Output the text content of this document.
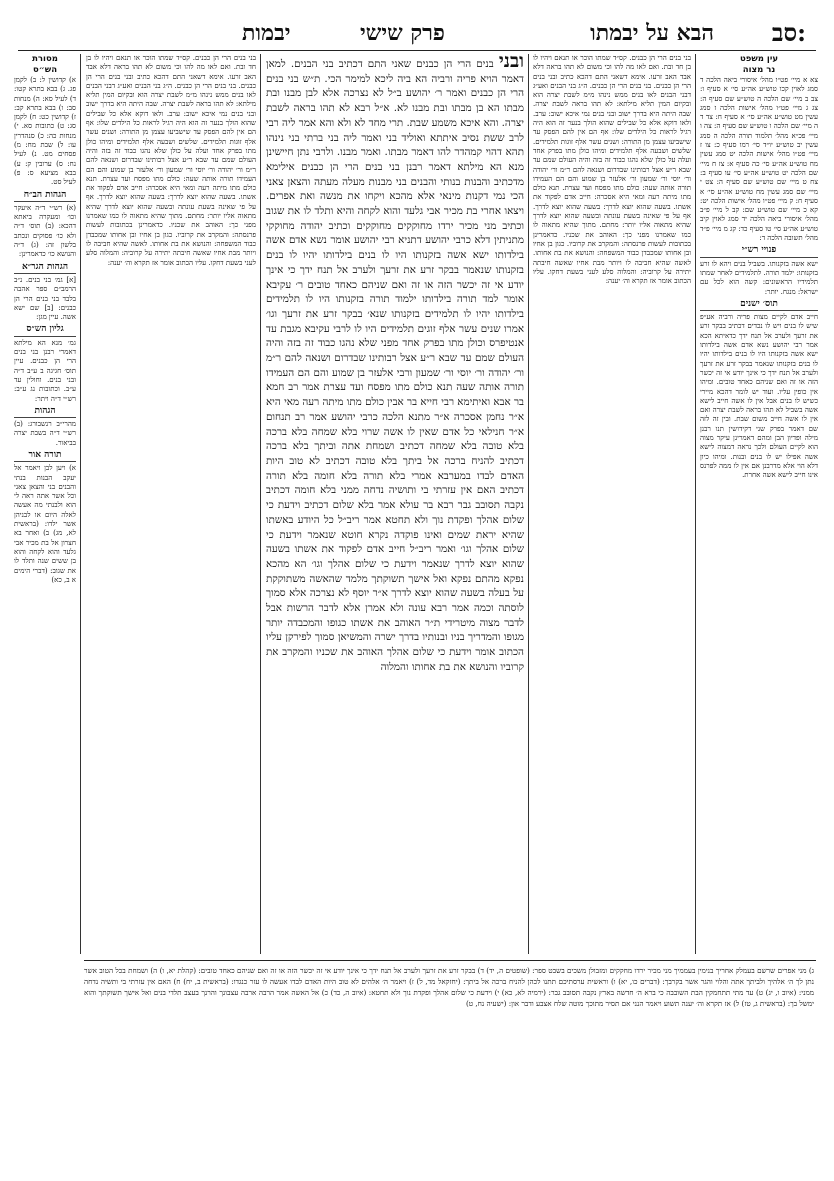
סב:
הבא על יבמתו
פרק שישי
יבמות
עין משפט
נר מצוה

צא א מיי׳ פט״ו מהל׳ איסורי ביאה הלכה ד סמג לאוין קכו טוש״ע אה״ע סי׳ א סעיף ו: צב ב מיי׳ שם הלכה ה טוש״ע שם סעיף ה: צג ג מיי׳ פט״ו מהל׳ אישות הלכה ז סמג עשין מט טוש״ע אה״ע סי׳ א סעיף ח: צד ד ה מיי׳ שם הלכה ו טוש״ע שם סעיף ה: צה ו מיי׳ פכ״א מהל׳ תלמוד תורה הלכה ה סמג עשין יב טוש״ע יו״ד סי׳ רמו סעיף כ: צו ז מיי׳ פט״ו מהל׳ אישות הלכה יט סמג עשין מח טוש״ע אה״ע סי׳ כה סעיף א: צז ח מיי׳ שם הלכה יט טוש״ע אה״ע סי׳ עו סעיף ב: צח ט מיי׳ שם טוש״ע שם סעיף ה: צט י מיי׳ שם סמג עשין מח טוש״ע אה״ע סי׳ א סעיף ח: ק מיי׳ פט״ו מהל׳ אישות הלכה יט: קא כ מיי׳ שם טוש״ע שם: קב ל מיי׳ פ״ב מהל׳ איסורי ביאה הלכה יד סמג לאוין קיב טוש״ע אה״ע סי׳ טו סעיף כד: קג מ מיי׳ פ״ד מהל׳ תשובה הלכה ד:

פנויי רש״י

ישא אשה בזקנותו. בשביל בנים ויהא לו זרע בזקנותו: ילמד תורה. לתלמידים לאחר שמתו תלמידיו הראשונים: קשה הוא לכל עם ישראל: מנגח. יותר:

תוס׳ ישנים

חייב אדם לקיים מצות פריה ורביה אע״פ שיש לו בנים ויש לו נכדים דכתיב בבקר זרע את זרעך ולערב אל תנח ידך כדאיתא הכא אמר רבי יהושע נשא אדם אשה בילדותו ישא אשה בזקנותו היו לו בנים בילדותו יהיו לו בנים בזקנותו שנאמר בבקר זרע את זרעך ולערב אל תנח ידך כי אינך יודע אי זה יכשר הזה או זה ואם שניהם כאחד טובים. ומיהו אין כופין עליו. ועוד יש לומר דהכא מיירי כשיש לו בנים אבל אין לו אשה חייב לישא אשה בשביל לא תהו בראה לשבת יצרה ואם אין לו אשה חייב משום שבת. ובין זה לזה שם דאמר בפרק שני דקידושין תנו רבנן מילה ופדיון הבן ומהם דאמרינן עיקר מצוה הוא לקיים העולם ולכך נראה דמצוה לישא אשה אפילו יש לו בנים ובנות. ומיהו כיון דלא הוי אלא מדרבנן אם אין לו ממה לפרנס אינו חייב לישא אשה אחרת.

בני בנים הרי הן כבנים. קס״ד שמתו הוכר או תנאם ויהיו לו בן חד ובת. ואם לאו מה להו וכי משום לא תהו בראה דלא אבד האב זרעו. אימא דשאני התם דהכא כתיב ובני בנים הרי הן כבנים. בני בנים הרי הן כבנים. ה״ג בני הבנים ואע״ג דבני הבנים לאו בנים ממש נינהו מ״מ לשבת יצרה הוא ובקיום המין תליא מילתא: לא תהו בראה לשבת יצרה. שבה היתה היא בדרך ישוב ובני בנים נמי איכא ישוב: ערב. ולאו דוקא אלא כל שבילים שהוא הולך בנער זה הוא היה רגיל לראות כל הילדים שלו: אף הם אין להם הפסק עד שישביעו עצמן מן התורה: ושנים עשר אלף זוגות תלמידים. שלשים ושבעה אלף תלמידים ומיהו כולן מתו בפרק אחד ועלה על כולן שלא נהגו כבוד זה בזה והיה העולם שמם עד שבא ר״ע אצל רבותינו שבדרום ושנאה להם ר״מ ור׳ יהודה ור׳ יוסי ור׳ שמעון ור׳ אלעזר בן שמוע והם הם העמידו תורה אותה שעה: כולם מתו מפסח ועד עצרת. תנא כולם מתו מיתה רעה ומאי היא אסכרה: חייב אדם לפקוד את אשתו. בשעה שהוא יוצא לדרך: בשעה שהוא יוצא לדרך. אף על פי שאינה בשעת עונתה ובשעה שהוא יוצא לדרך שהיא מתאוה אליו יותר: מחתם. מתוך שהיא מתאוה לו כמו שאמרנו מפני כך: האוהב את שכניו. כדאמרינן בכתובות לעשות פרנסתה: והמקרב את קרוביו. כגון בן אחיו ובן אחותו שמכבדן כבוד המשפחה: והנושא את בת אחותו. לאשה שהיא חביבה לו ויותר מבת אחיו שאשה חיבתה יתירה על קרוביה: והמלוה סלע לעני בשעת דחקו. עליו הכתוב אומר אז תקרא וה׳ יענה:

ובני בנים הרי הן כבנים שאני התם דכתיב בני הבנים. למאן דאמר הויא פריה ורביה הא ביה ליכא למימר הכי. ת״ש בני בנים הרי הן כבנים ואמר ר׳ יהושע ב״ל לא נצרכה אלא לבן מבנו ובת מבתו הא בן מבתו ובת מבנו לא. א״ל רבא לא תהו בראה לשבת יצרה. והא איכא משמע שבת. תרי מחד לא ולא והא אמר ליה רבי לרב ששת נסיב איתתא ואוליד בני ואמר ליה בני ברתי בני נינהו תהא דהוי קמהדר להו דאמר מבתו. ואמר מבנו. ולרבי נתן חיישינן מנא הא מילתא דאמר רבנן בני בנים הרי הן כבנים אילימא מדכתיב והבנות בנותי והבנים בני מבנות מעלה מעתה והצאן צאני הכי נמי דקנות מינאי אלא מהכא ויקחו את מנשה ואת אפרים. ויצאו אחרי בת מכיר אבי גלעד והוא לקחה והיא ותלד לו את שגוב וכתיב מני מכיר ירדו מחוקקים מחוקקים וכתיב יהודה מחוקקי מתניתין דלא כרבי יהושע דתניא רבי יהושע אומר נשא אדם אשה בילדותו ישא אשה בזקנותו היו לו בנים בילדותו יהיו לו בנים בזקנותו שנאמר בבקר זרע את זרעך ולערב אל תנח ידך כי אינך יודע אי זה יכשר הזה או זה ואם שניהם כאחד טובים ר׳ עקיבא אומר למד תורה בילדותו ילמוד תורה בזקנותו היו לו תלמידים בילדותו יהיו לו תלמידים בזקנותו שנא׳ בבקר זרע את זרעך וגו׳ אמרו שנים עשר אלף זוגים תלמידים היו לו לרבי עקיבא מגבת עד אנטיפרס וכולן מתו בפרק אחד מפני שלא נהגו כבוד זה בזה והיה העולם שמם עד שבא ר״ע אצל רבותינו שבדרום ושנאה להם ר״מ ור׳ יהודה ור׳ יוסי ור׳ שמעון ורבי אלעזר בן שמוע והם הם העמידו תורה אותה שעה תנא כולם מתו מפסח ועד עצרת אמר רב חמא בר אבא ואיתימא רבי חייא בר אבין כולם מתו מיתה רעה מאי היא א״ר נחמן אסכרה א״ר מתנא הלכה כרבי יהושע אמר רב תנחום א״ר חנילאי כל אדם שאין לו אשה שרוי בלא שמחה בלא ברכה בלא טובה בלא שמחה דכתיב ושמחת אתה וביתך בלא ברכה דכתיב להניח ברכה אל ביתך בלא טובה דכתיב לא טוב היות האדם לבדו במערבא אמרי בלא תורה בלא חומה בלא תורה דכתיב האם אין עזרתי בי ותושיה נדחה ממני בלא חומה דכתיב נקבה תסובב גבר רבא בר עולא אמר בלא שלום דכתיב וידעת כי שלום אהלך ופקדת נוך ולא תחטא אמר ריב״ל כל היודע באשתו שהיא יראת שמים ואינו פוקדה נקרא חוטא שנאמר וידעת כי שלום אהלך וגו׳ ואמר ריב״ל חייב אדם לפקוד את אשתו בשעה שהוא יוצא לדרך שנאמר וידעת כי שלום אהלך וגו׳ הא מהכא נפקא מהתם נפקא ואל אישך תשוקתך מלמד שהאשה משתוקקת על בעלה בשעה שהוא יוצא לדרך א״ר יוסף לא נצרכה אלא סמוך לוסתה וכמה אמר רבא עונה ולא אמרן אלא לדבר הרשות אבל לדבר מצוה מיטרידי ת״ר האוהב את אשתו כגופו והמכבדה יותר מגופו והמדריך בניו ובנותיו בדרך ישרה והמשיאן סמוך לפירקן עליו הכתוב אומר וידעת כי שלום אהלך האוהב את שכניו והמקרב את קרוביו והנושא את בת אחותו והמלוה

בני בנים הרי הן כבנים. קס״ד שמתו הוכר או תנאם ויהיו לו בן חד ובת. ואם לאו מה להו וכי משום לא תהו בראה דלא אבד האב זרעו. אימא דשאני התם דהכא כתיב ובני בנים הרי הן כבנים. בני בנים הרי הן כבנים. ה״ג בני הבנים ואע״ג דבני הבנים לאו בנים ממש נינהו מ״מ לשבת יצרה הוא ובקיום המין תליא מילתא: לא תהו בראה לשבת יצרה. שבה היתה היא בדרך ישוב ובני בנים נמי איכא ישוב: ערב. ולאו דוקא אלא כל שבילים שהוא הולך בנער זה הוא היה רגיל לראות כל הילדים שלו: אף הם אין להם הפסק עד שישביעו עצמן מן התורה: ושנים עשר אלף זוגות תלמידים. שלשים ושבעה אלף תלמידים ומיהו כולן מתו בפרק אחד ועלה על כולן שלא נהגו כבוד זה בזה והיה העולם שמם עד שבא ר״ע אצל רבותינו שבדרום ושנאה להם ר״מ ור׳ יהודה ור׳ יוסי ור׳ שמעון ור׳ אלעזר בן שמוע והם הם העמידו תורה אותה שעה: כולם מתו מפסח ועד עצרת. תנא כולם מתו מיתה רעה ומאי היא אסכרה: חייב אדם לפקוד את אשתו. בשעה שהוא יוצא לדרך: בשעה שהוא יוצא לדרך. אף על פי שאינה בשעת עונתה ובשעה שהוא יוצא לדרך שהיא מתאוה אליו יותר: מחתם. מתוך שהיא מתאוה לו כמו שאמרנו מפני כך: האוהב את שכניו. כדאמרינן בכתובות לעשות פרנסתה: והמקרב את קרוביו. כגון בן אחיו ובן אחותו שמכבדן כבוד המשפחה: והנושא את בת אחותו. לאשה שהיא חביבה לו ויותר מבת אחיו שאשה חיבתה יתירה על קרוביה: והמלוה סלע לעני בשעת דחקו. עליו הכתוב אומר אז תקרא וה׳ יענה:

מסורת
הש״ס

א) קדושין ל: ב) לקמן פג. ג) בבא בתרא קטו: ד) לעיל סא: ה) מנחות סב: ו) בבא בתרא קב: ז) קדושין כט: ח) לקמן סג: ט) כתובות סא. י) מנחות כה: כ) סנהדרין עו: ל) שבת מח: מ) פסחים מט. נ) לעיל נח: ס) ערובין ק: ע) בבא מציעא ס: פ) לעיל סט.

הגהות הב״ח

(א) רש״י ד״ה איעקר וכו׳ ומעקרה ביאתא דהכא: (ב) תוס׳ ד״ה ולא כו׳ פסוקים ונכתב בלשון זה: (ג) ד״ה והנושא כו׳ כדאמרינן:

הגהות הגר״א

[א] גמ׳ בני בנים. נ״ב הרמב״ם ספר אהבה בלבד בני בנים הרי הן כבנים: [ב] שם ישא אשה. עיין מגן:

גליון הש״ס

גמ׳ מנא הא מילתא דאמרי רבנן בני בנים הרי הן כבנים. עיין תוס׳ חגיגה ב ע״ב ד״ה ובני בנים. וחולין עד ע״ב. וכתובות נג ע״ב: רש״י ד״ה ויתר:

הגהות

מהרי״ב רנשבורג: (ב) רש״י ד״ה בשבת יצרה בביאור.

תורה אור

א) ויען לבן ויאמר אל יעקב הבנות בנתי והבנים בני והצאן צאני וכל אשר אתה ראה לי הוא ולבנתי מה אעשה לאלה היום או לבניהן אשר ילדו: (בראשית לא, מג) ב) ואחר בא חצרון אל בת מכיר אבי גלעד והוא לקחה והוא בן ששים שנה ותלד לו את שגוב: (דברי הימים א ב, כא)

ג) מני אפרים שרשם בעמלק אחריך בנימין בעממיך מני מכיר ירדו מחקקים ומזבולן משכים בשבט ספר: (שופטים ה, יד) ד) בבקר זרע את זרעך ולערב אל תנח ידך כי אינך יודע אי זה יכשר הזה או זה ואם שניהם כאחד טובים: (קהלת יא, ו) ה) ושמחת בכל הטוב אשר נתן לך ה׳ אלהיך ולביתך אתה והלוי והגר אשר בקרבך: (דברים כו, יא) ו) וראשית ערסתיכם תתנו לכהן להניח ברכה אל ביתך: (יחזקאל מד, ל) ז) ויאמר ה׳ אלהים לא טוב היות האדם לבדו אעשה לו עזר כנגדו: (בראשית ב, יח) ח) האם אין עזרתי בי ותשיה נדחה ממני: (איוב ו, יג) ט) עד מתי תתחמקין הבת השובבה כי ברא ה׳ חדשה בארץ נקבה תסובב גבר: (ירמיה לא, כא) י) וידעת כי שלום אהלך ופקדת נוך ולא תחטא: (איוב ה, כד) כ) אל האשה אמר הרבה ארבה עצבונך והרנך בעצב תלדי בנים ואל אישך תשוקתך והוא ימשל בך: (בראשית ג, טז) ל) אז תקרא וה׳ יענה תשוע ויאמר הנני אם תסיר מתוכך מוטה שלח אצבע ודבר און: (ישעיה נח, ט)
